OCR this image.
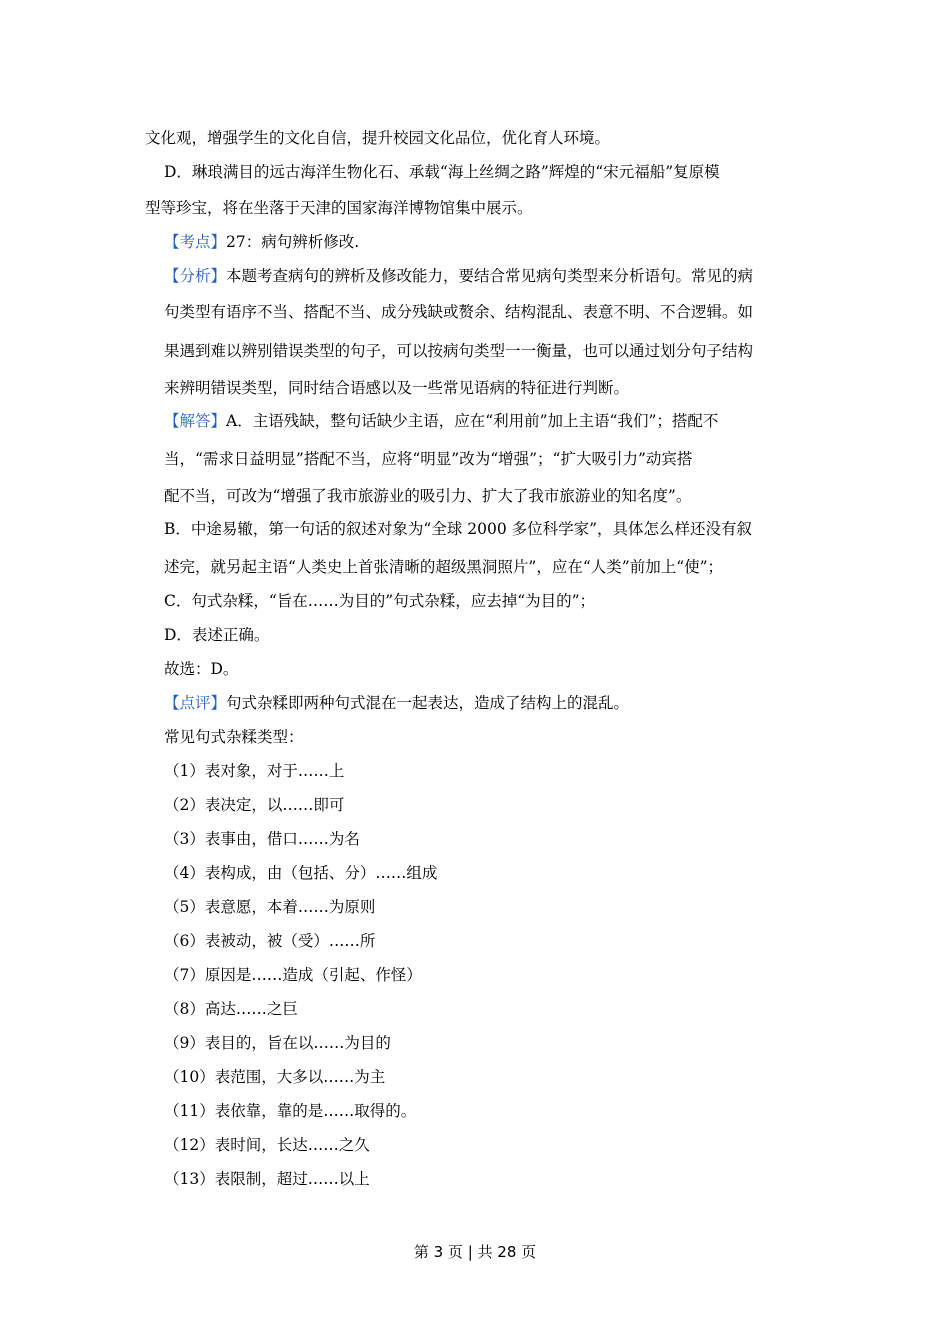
文化观，增强学生的文化自信，提升校园文化品位，优化育人环境。
D．琳琅满目的远古海洋生物化石、承载“海上丝绸之路”辉煌的“宋元福船”复原模
型等珍宝，将在坐落于天津的国家海洋博物馆集中展示。
【考点】27：病句辨析修改.
【分析】本题考查病句的辨析及修改能力，要结合常见病句类型来分析语句。常见的病
句类型有语序不当、搭配不当、成分残缺或赘余、结构混乱、表意不明、不合逻辑。如
果遇到难以辨别错误类型的句子，可以按病句类型一一衡量，也可以通过划分句子结构
来辨明错误类型，同时结合语感以及一些常见语病的特征进行判断。
【解答】A．主语残缺，整句话缺少主语，应在“利用前”加上主语“我们”；搭配不
当，“需求日益明显”搭配不当，应将“明显”改为“增强”；“扩大吸引力”动宾搭
配不当，可改为“增强了我市旅游业的吸引力、扩大了我市旅游业的知名度”。
B．中途易辙，第一句话的叙述对象为“全球 2000 多位科学家”，具体怎么样还没有叙
述完，就另起主语“人类史上首张清晰的超级黑洞照片”，应在“人类”前加上“使”；
C．句式杂糅，“旨在……为目的”句式杂糅，应去掉“为目的”；
D．表述正确。
故选：D。
【点评】句式杂糅即两种句式混在一起表达，造成了结构上的混乱。
常见句式杂糅类型：
（1）表对象，对于……上
（2）表决定，以……即可
（3）表事由，借口……为名
（4）表构成，由（包括、分）……组成
（5）表意愿，本着……为原则
（6）表被动，被（受）……所
（7）原因是……造成（引起、作怪）
（8）高达……之巨
（9）表目的，旨在以……为目的
（10）表范围，大多以……为主
（11）表依靠，靠的是……取得的。
（12）表时间，长达……之久
（13）表限制，超过……以上
第 3 页 | 共 28 页
